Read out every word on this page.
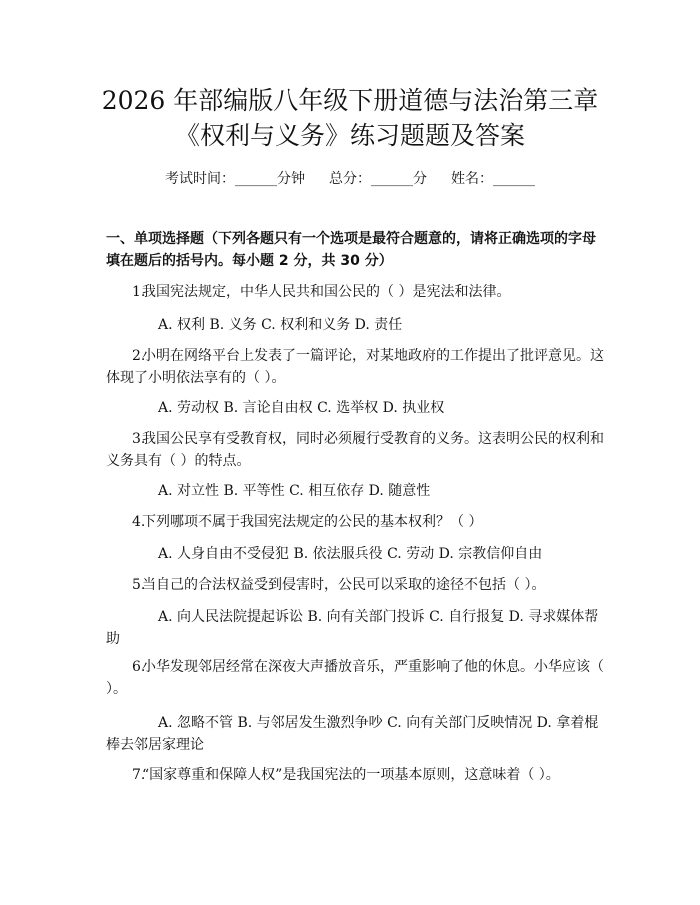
2026 年部编版八年级下册道德与法治第三章
《权利与义务》练习题题及答案
考试时间：______分钟 总分：______分 姓名：______
一、单项选择题（下列各题只有一个选项是最符合题意的，请将正确选项的字母填在题后的括号内。每小题 2 分，共 30 分）
1.我国宪法规定，中华人民共和国公民的（ ）是宪法和法律。
A. 权利 B. 义务 C. 权利和义务 D. 责任
2.小明在网络平台上发表了一篇评论，对某地政府的工作提出了批评意见。这体现了小明依法享有的（ ）。
A. 劳动权 B. 言论自由权 C. 选举权 D. 执业权
3.我国公民享有受教育权，同时必须履行受教育的义务。这表明公民的权利和义务具有（ ）的特点。
A. 对立性 B. 平等性 C. 相互依存 D. 随意性
4.下列哪项不属于我国宪法规定的公民的基本权利？（ ）
A. 人身自由不受侵犯 B. 依法服兵役 C. 劳动 D. 宗教信仰自由
5.当自己的合法权益受到侵害时，公民可以采取的途径不包括（ ）。
A. 向人民法院提起诉讼 B. 向有关部门投诉 C. 自行报复 D. 寻求媒体帮助
6.小华发现邻居经常在深夜大声播放音乐，严重影响了他的休息。小华应该（ ）。
A. 忽略不管 B. 与邻居发生激烈争吵 C. 向有关部门反映情况 D. 拿着棍棒去邻居家理论
7.“国家尊重和保障人权”是我国宪法的一项基本原则，这意味着（ ）。
